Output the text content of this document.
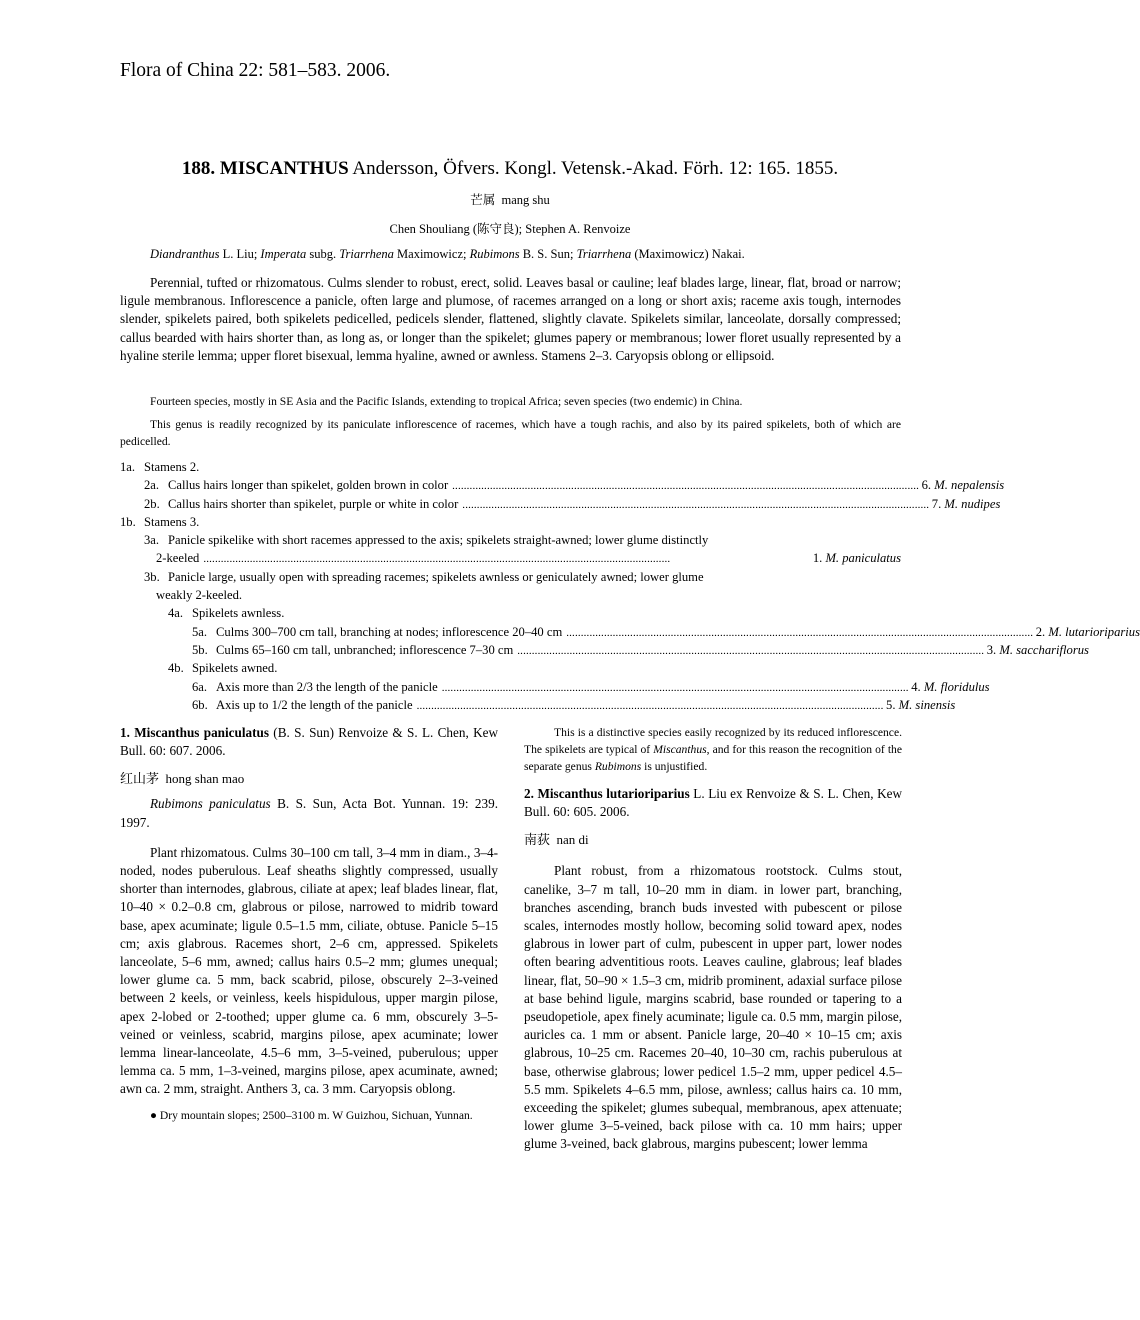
Flora of China 22: 581–583. 2006.
188. MISCANTHUS Andersson, Öfvers. Kongl. Vetensk.-Akad. Förh. 12: 165. 1855.
芒属 mang shu
Chen Shouliang (陈守良); Stephen A. Renvoize
Diandranthus L. Liu; Imperata subg. Triarrhena Maximowicz; Rubimons B. S. Sun; Triarrhena (Maximowicz) Nakai.

Perennial, tufted or rhizomatous. Culms slender to robust, erect, solid. Leaves basal or cauline; leaf blades large, linear, flat, broad or narrow; ligule membranous. Inflorescence a panicle, often large and plumose, of racemes arranged on a long or short axis; raceme axis tough, internodes slender, spikelets paired, both spikelets pedicelled, pedicels slender, flattened, slightly clavate. Spikelets similar, lanceolate, dorsally compressed; callus bearded with hairs shorter than, as long as, or longer than the spikelet; glumes papery or membranous; lower floret usually represented by a hyaline sterile lemma; upper floret bisexual, lemma hyaline, awned or awnless. Stamens 2–3. Caryopsis oblong or ellipsoid.

Fourteen species, mostly in SE Asia and the Pacific Islands, extending to tropical Africa; seven species (two endemic) in China.

This genus is readily recognized by its paniculate inflorescence of racemes, which have a tough rachis, and also by its paired spikelets, both of which are pedicelled.

1a. Stamens 2.
2a. Callus hairs longer than spikelet, golden brown in color . . .	6. M. nepalensis
2b. Callus hairs shorter than spikelet, purple or white in color . . .	7. M. nudipes
1b. Stamens 3.
3a. Panicle spikelike with short racemes appressed to the axis; spikelets straight-awned; lower glume distinctly
2-keeled . . .	1. M. paniculatus
3b. Panicle large, usually open with spreading racemes; spikelets awnless or geniculately awned; lower glume
weakly 2-keeled.
4a. Spikelets awnless.
5a. Culms 300–700 cm tall, branching at nodes; inflorescence 20–40 cm . . .	2. M. lutarioriparius
5b. Culms 65–160 cm tall, unbranched; inflorescence 7–30 cm . . .	3. M. sacchariflorus
4b. Spikelets awned.
6a. Axis more than 2/3 the length of the panicle . . .	4. M. floridulus
6b. Axis up to 1/2 the length of the panicle . . .	5. M. sinensis

1. Miscanthus paniculatus (B. S. Sun) Renvoize & S. L. Chen, Kew Bull. 60: 607. 2006.

红山茅 hong shan mao

Rubimons paniculatus B. S. Sun, Acta Bot. Yunnan. 19: 239. 1997.

Plant rhizomatous. Culms 30–100 cm tall, 3–4 mm in diam., 3–4-noded, nodes puberulous. Leaf sheaths slightly compressed, usually shorter than internodes, glabrous, ciliate at apex; leaf blades linear, flat, 10–40 × 0.2–0.8 cm, glabrous or pilose, narrowed to midrib toward base, apex acuminate; ligule 0.5–1.5 mm, ciliate, obtuse. Panicle 5–15 cm; axis glabrous. Racemes short, 2–6 cm, appressed. Spikelets lanceolate, 5–6 mm, awned; callus hairs 0.5–2 mm; glumes unequal; lower glume ca. 5 mm, back scabrid, pilose, obscurely 2–3-veined between 2 keels, or veinless, keels hispidulous, upper margin pilose, apex 2-lobed or 2-toothed; upper glume ca. 6 mm, obscurely 3–5-veined or veinless, scabrid, margins pilose, apex acuminate; lower lemma linear-lanceolate, 4.5–6 mm, 3–5-veined, puberulous; upper lemma ca. 5 mm, 1–3-veined, margins pilose, apex acuminate, awned; awn ca. 2 mm, straight. Anthers 3, ca. 3 mm. Caryopsis oblong.

● Dry mountain slopes; 2500–3100 m. W Guizhou, Sichuan, Yunnan.

This is a distinctive species easily recognized by its reduced inflorescence. The spikelets are typical of Miscanthus, and for this reason the recognition of the separate genus Rubimons is unjustified.

2. Miscanthus lutarioriparius L. Liu ex Renvoize & S. L. Chen, Kew Bull. 60: 605. 2006.

南荻 nan di

Plant robust, from a rhizomatous rootstock. Culms stout, canelike, 3–7 m tall, 10–20 mm in diam. in lower part, branching, branches ascending, branch buds invested with pubescent or pilose scales, internodes mostly hollow, becoming solid toward apex, nodes glabrous in lower part of culm, pubescent in upper part, lower nodes often bearing adventitious roots. Leaves cauline, glabrous; leaf blades linear, flat, 50–90 × 1.5–3 cm, midrib prominent, adaxial surface pilose at base behind ligule, margins scabrid, base rounded or tapering to a pseudopetiole, apex finely acuminate; ligule ca. 0.5 mm, margin pilose, auricles ca. 1 mm or absent. Panicle large, 20–40 × 10–15 cm; axis glabrous, 10–25 cm. Racemes 20–40, 10–30 cm, rachis puberulous at base, otherwise glabrous; lower pedicel 1.5–2 mm, upper pedicel 4.5–5.5 mm. Spikelets 4–6.5 mm, pilose, awnless; callus hairs ca. 10 mm, exceeding the spikelet; glumes subequal, membranous, apex attenuate; lower glume 3–5-veined, back pilose with ca. 10 mm hairs; upper glume 3-veined, back glabrous, margins pubescent; lower lemma
